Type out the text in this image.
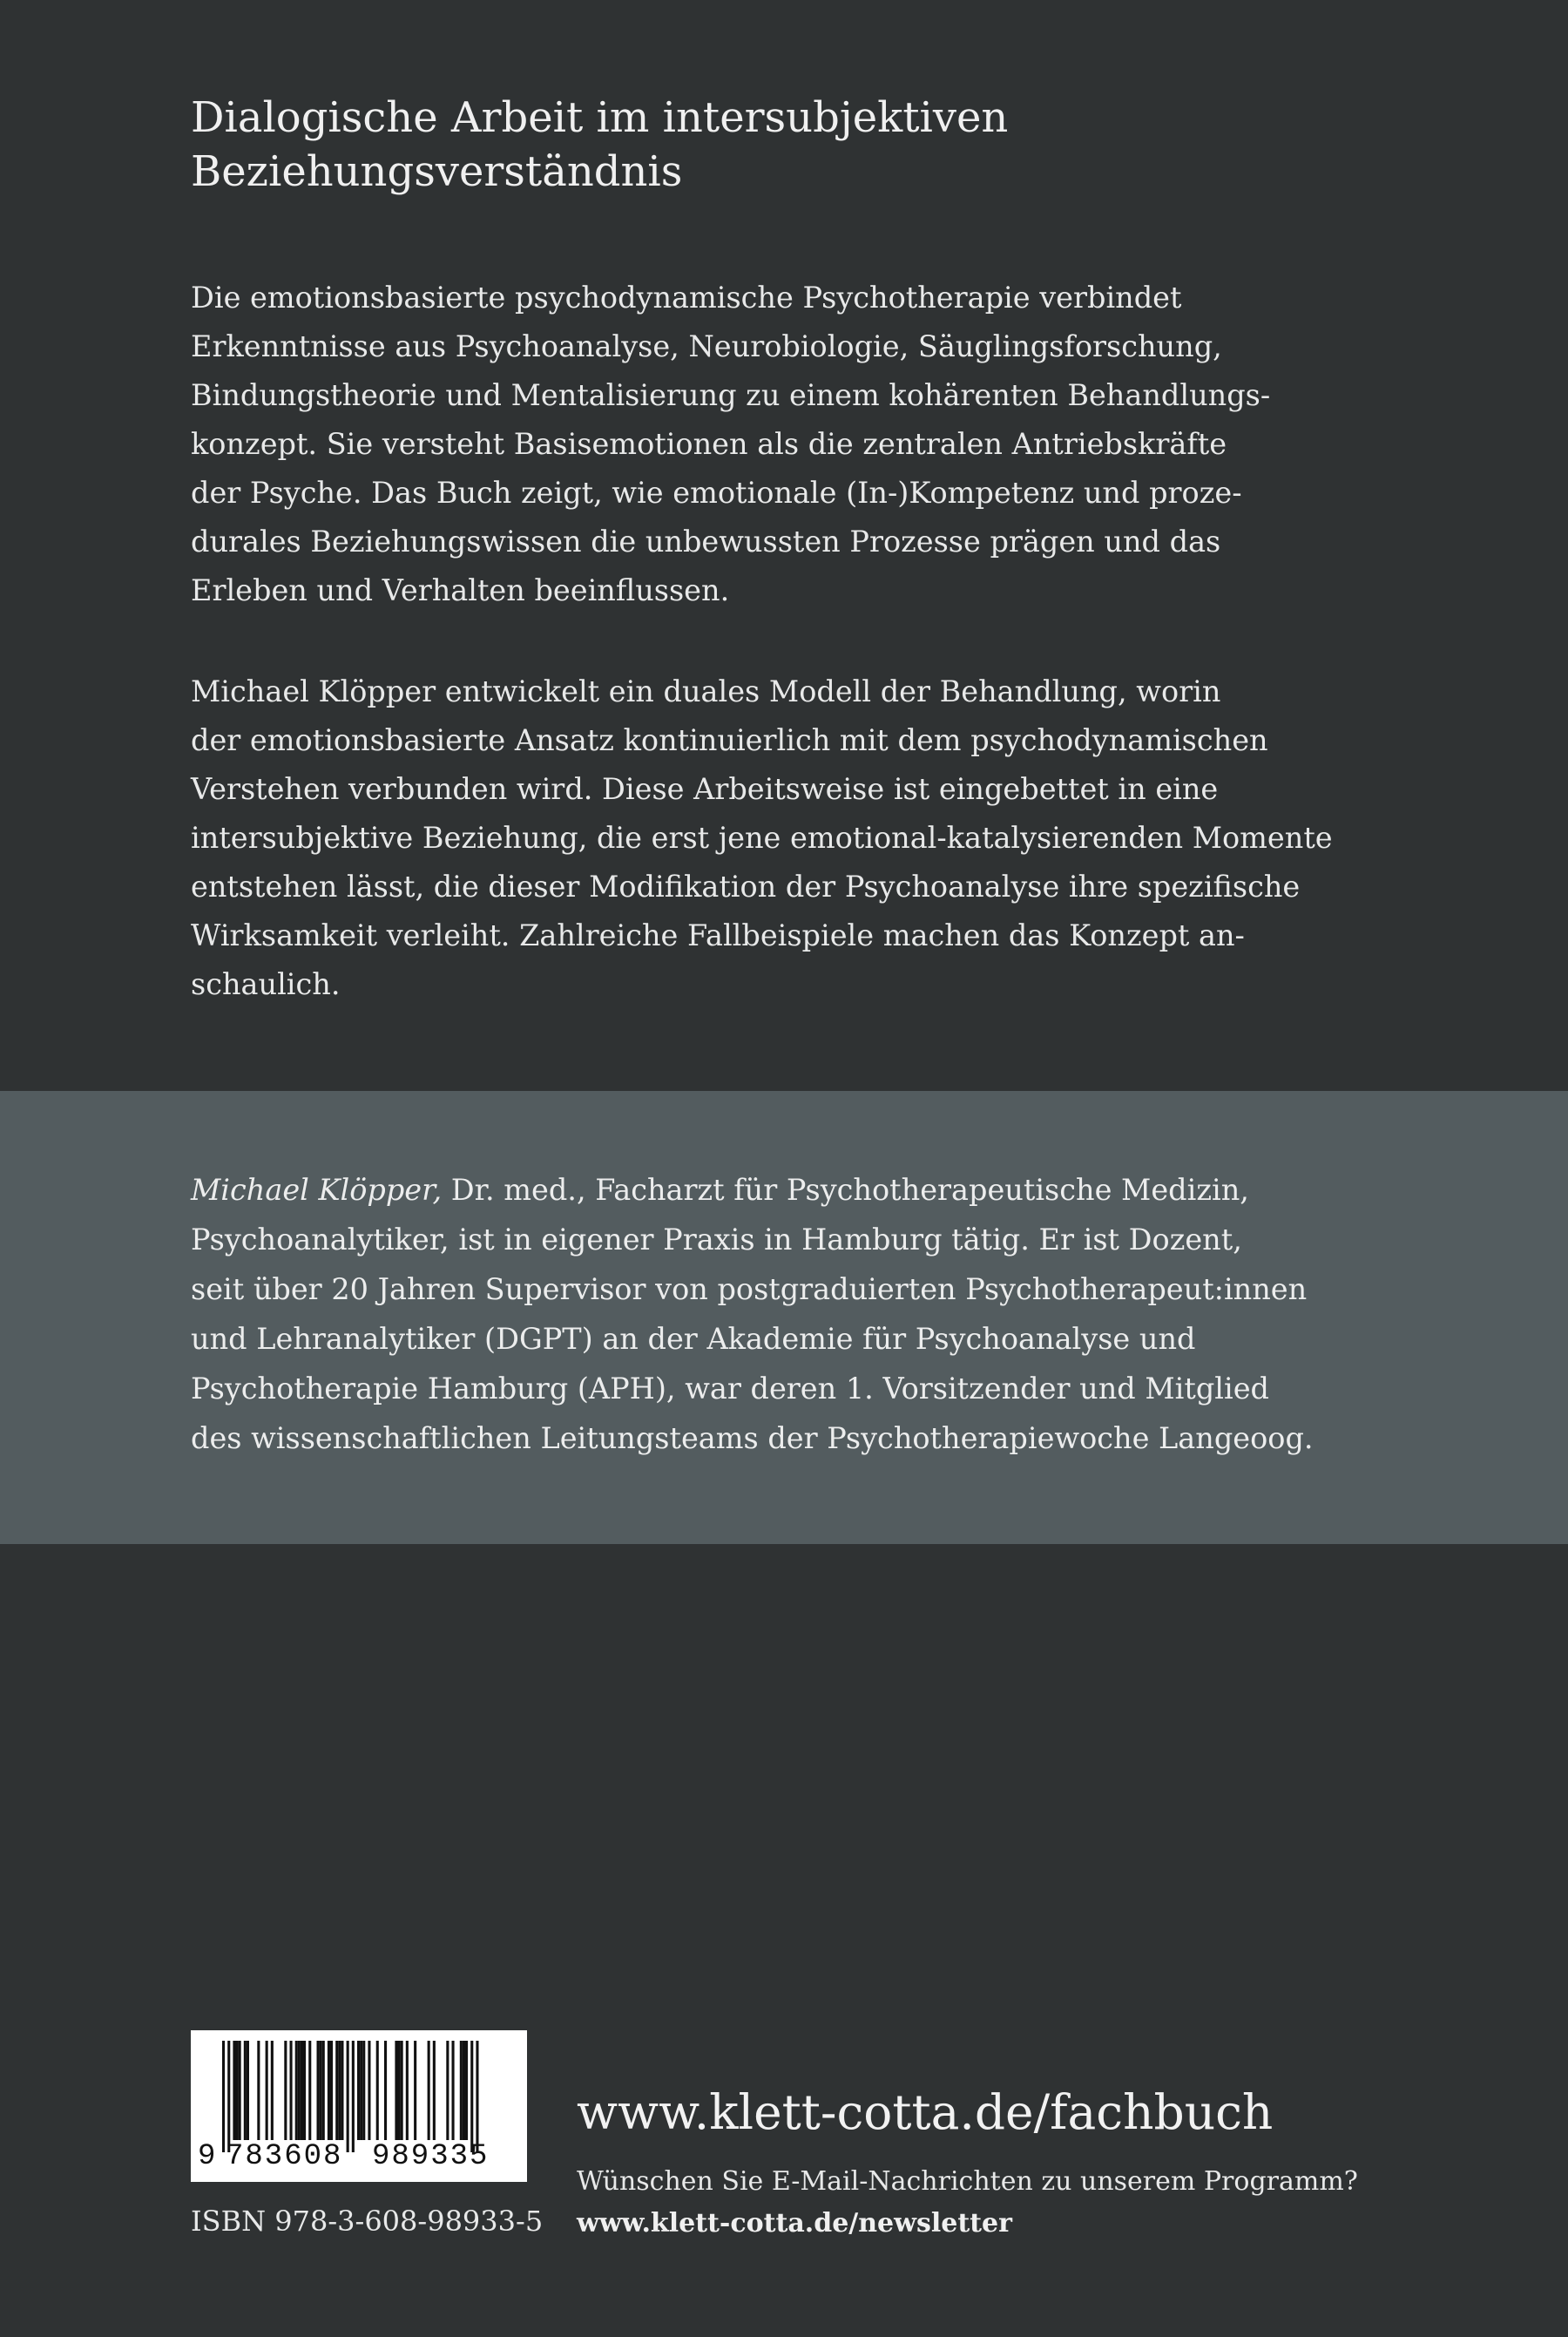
Dialogische Arbeit im intersubjektiven
Beziehungsverständnis

Die emotionsbasierte psychodynamische Psychotherapie verbindet
Erkenntnisse aus Psychoanalyse, Neurobiologie, Säuglingsforschung,
Bindungstheorie und Mentalisierung zu einem kohärenten Behandlungs-
konzept. Sie versteht Basisemotionen als die zentralen Antriebskräfte
der Psyche. Das Buch zeigt, wie emotionale (In-)Kompetenz und proze-
durales Beziehungswissen die unbewussten Prozesse prägen und das
Erleben und Verhalten beeinflussen.

Michael Klöpper entwickelt ein duales Modell der Behandlung, worin
der emotionsbasierte Ansatz kontinuierlich mit dem psychodynamischen
Verstehen verbunden wird. Diese Arbeitsweise ist eingebettet in eine
intersubjektive Beziehung, die erst jene emotional-katalysierenden Momente
entstehen lässt, die dieser Modifikation der Psychoanalyse ihre spezifische
Wirksamkeit verleiht. Zahlreiche Fallbeispiele machen das Konzept an-
schaulich.

Michael Klöpper, Dr. med., Facharzt für Psychotherapeutische Medizin,
Psychoanalytiker, ist in eigener Praxis in Hamburg tätig. Er ist Dozent,
seit über 20 Jahren Supervisor von postgraduierten Psychotherapeut:innen
und Lehranalytiker (DGPT) an der Akademie für Psychoanalyse und
Psychotherapie Hamburg (APH), war deren 1. Vorsitzender und Mitglied
des wissenschaftlichen Leitungsteams der Psychotherapiewoche Langeoog.

9 783608 989335
ISBN 978-3-608-98933-5
www.klett-cotta.de/fachbuch
Wünschen Sie E-Mail-Nachrichten zu unserem Programm?
www.klett-cotta.de/newsletter
